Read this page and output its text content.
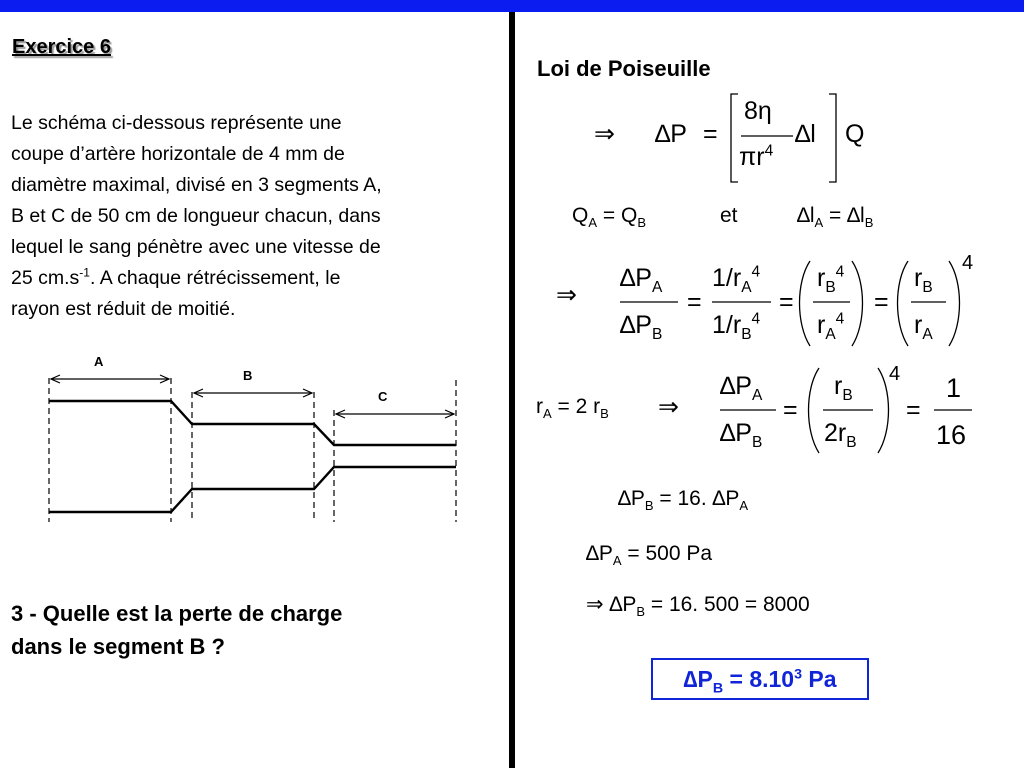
Exercice 6
Le schéma ci-dessous représente une
coupe d’artère horizontale de 4 mm de
diamètre maximal, divisé en 3 segments A,
B et C de 50 cm de longueur chacun, dans
lequel le sang pénètre avec une vitesse de
25 $cm.s^{-1}$. A chaque rétrécissement, le
rayon est réduit de moitié.
A
B
C
3 - Quelle est la perte de charge
dans le segment B ?
Loi de Poiseuille
⇒ ∆P =
8η
$\pi r^4$
∆l Q
$Q_A = Q_B$	et	$\Delta l_A = \Delta l_B$
⇒
$\Delta P_A$
$\Delta P_B$
=
$1/r_A^4$
$1/r_B^4$
=
$r_B^4$
$r_A^4$
=
$r_B$
$r_A$
4
$r_A = 2$ $r_B$ ⇒
$\Delta P_A$
$\Delta P_B$
=
$r_B$
$2r_B$
4
=
1
16
$\Delta P_B = 16$. $\Delta P_A$
$\Delta P_A = 500$ Pa
⇒ $\Delta P_B = 16$. 500 = 8000
$\Delta P_B = 8.10^3$ Pa
